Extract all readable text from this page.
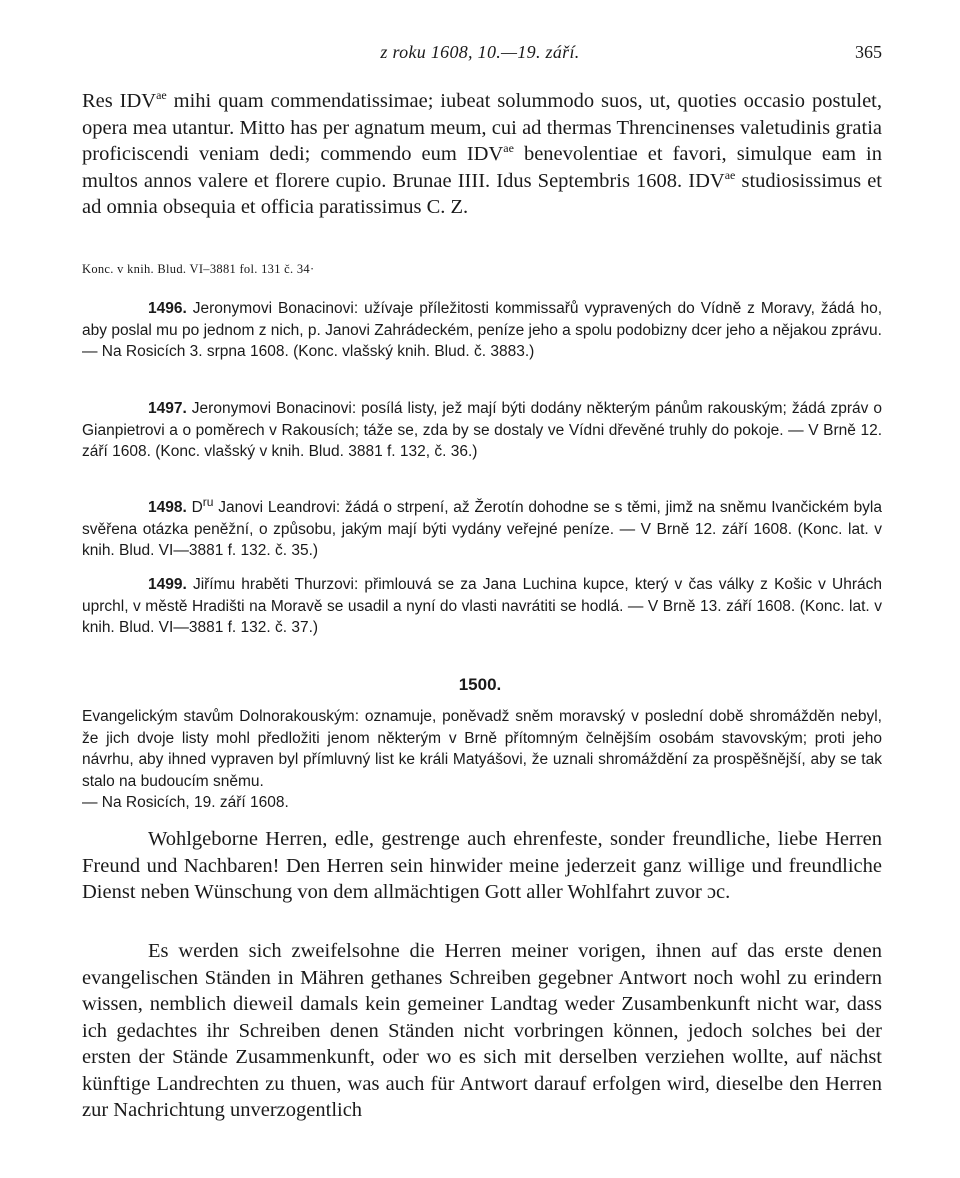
z roku 1608, 10.—19. září.	365

Res $IDV^{ae}$ mihi quam commendatissimae; iubeat solummodo suos, ut, quoties occasio postulet, opera mea utantur. Mitto has per agnatum meum, cui ad thermas Threncinenses valetudinis gratia proficiscendi veniam dedi; commendo eum $IDV^{ae}$ benevolentiae et favori, simulque eam in multos annos valere et florere cupio. Brunae IIII. Idus Septembris 1608. $IDV^{ae}$ studiosissimus et ad omnia obsequia et officia paratissimus C. Z.

Konc. v knih. Blud. VI–3881 fol. 131 č. 34·

1496. Jeronymovi Bonacinovi: užívaje příležitosti kommissařů vypravených do Vídně z Moravy, žádá ho, aby poslal mu po jednom z nich, p. Janovi Zahrádeckém, peníze jeho a spolu podobizny dcer jeho a nějakou zprávu. — Na Rosicích 3. srpna 1608. (Konc. vlašský knih. Blud. č. 3883.)

1497. Jeronymovi Bonacinovi: posílá listy, jež mají býti dodány některým pánům rakouským; žádá zpráv o Gianpietrovi a o poměrech v Rakousích; táže se, zda by se dostaly ve Vídni dřevěné truhly do pokoje. — V Brně 12. září 1608. (Konc. vlašský v knih. Blud. 3881 f. 132, č. 36.)

1498. $D^{ru}$ Janovi Leandrovi: žádá o strpení, až Žerotín dohodne se s těmi, jimž na sněmu Ivančickém byla svěřena otázka peněžní, o způsobu, jakým mají býti vydány veřejné peníze. — V Brně 12. září 1608. (Konc. lat. v knih. Blud. VI—3881 f. 132. č. 35.)

1499. Jiřímu hraběti Thurzovi: přimlouvá se za Jana Luchina kupce, který v čas války z Košic v Uhrách uprchl, v městě Hradišti na Moravě se usadil a nyní do vlasti navrátiti se hodlá. — V Brně 13. září 1608. (Konc. lat. v knih. Blud. VI—3881 f. 132. č. 37.)

1500.

Evangelickým stavům Dolnorakouským: oznamuje, poněvadž sněm moravský v poslední době shromážděn nebyl, že jich dvoje listy mohl předložiti jenom některým v Brně přítomným čelnějším osobám stavovským; proti jeho návrhu, aby ihned vypraven byl přímluvný list ke králi Matyášovi, že uznali shromáždění za prospěšnější, aby se tak stalo na budoucím sněmu.

— Na Rosicích, 19. září 1608.

Wohlgeborne Herren, edle, gestrenge auch ehrenfeste, sonder freundliche, liebe Herren Freund und Nachbaren! Den Herren sein hinwider meine jederzeit ganz willige und freundliche Dienst neben Wünschung von dem allmächtigen Gott aller Wohlfahrt zuvor ɔc.

Es werden sich zweifelsohne die Herren meiner vorigen, ihnen auf das erste denen evangelischen Ständen in Mähren gethanes Schreiben gegebner Antwort noch wohl zu erindern wissen, nemblich dieweil damals kein gemeiner Landtag weder Zusambenkunft nicht war, dass ich gedachtes ihr Schreiben denen Ständen nicht vorbringen können, jedoch solches bei der ersten der Stände Zusammenkunft, oder wo es sich mit derselben verziehen wollte, auf nächst künftige Landrechten zu thuen, was auch für Antwort darauf erfolgen wird, dieselbe den Herren zur Nachrichtung unverzogentlich
